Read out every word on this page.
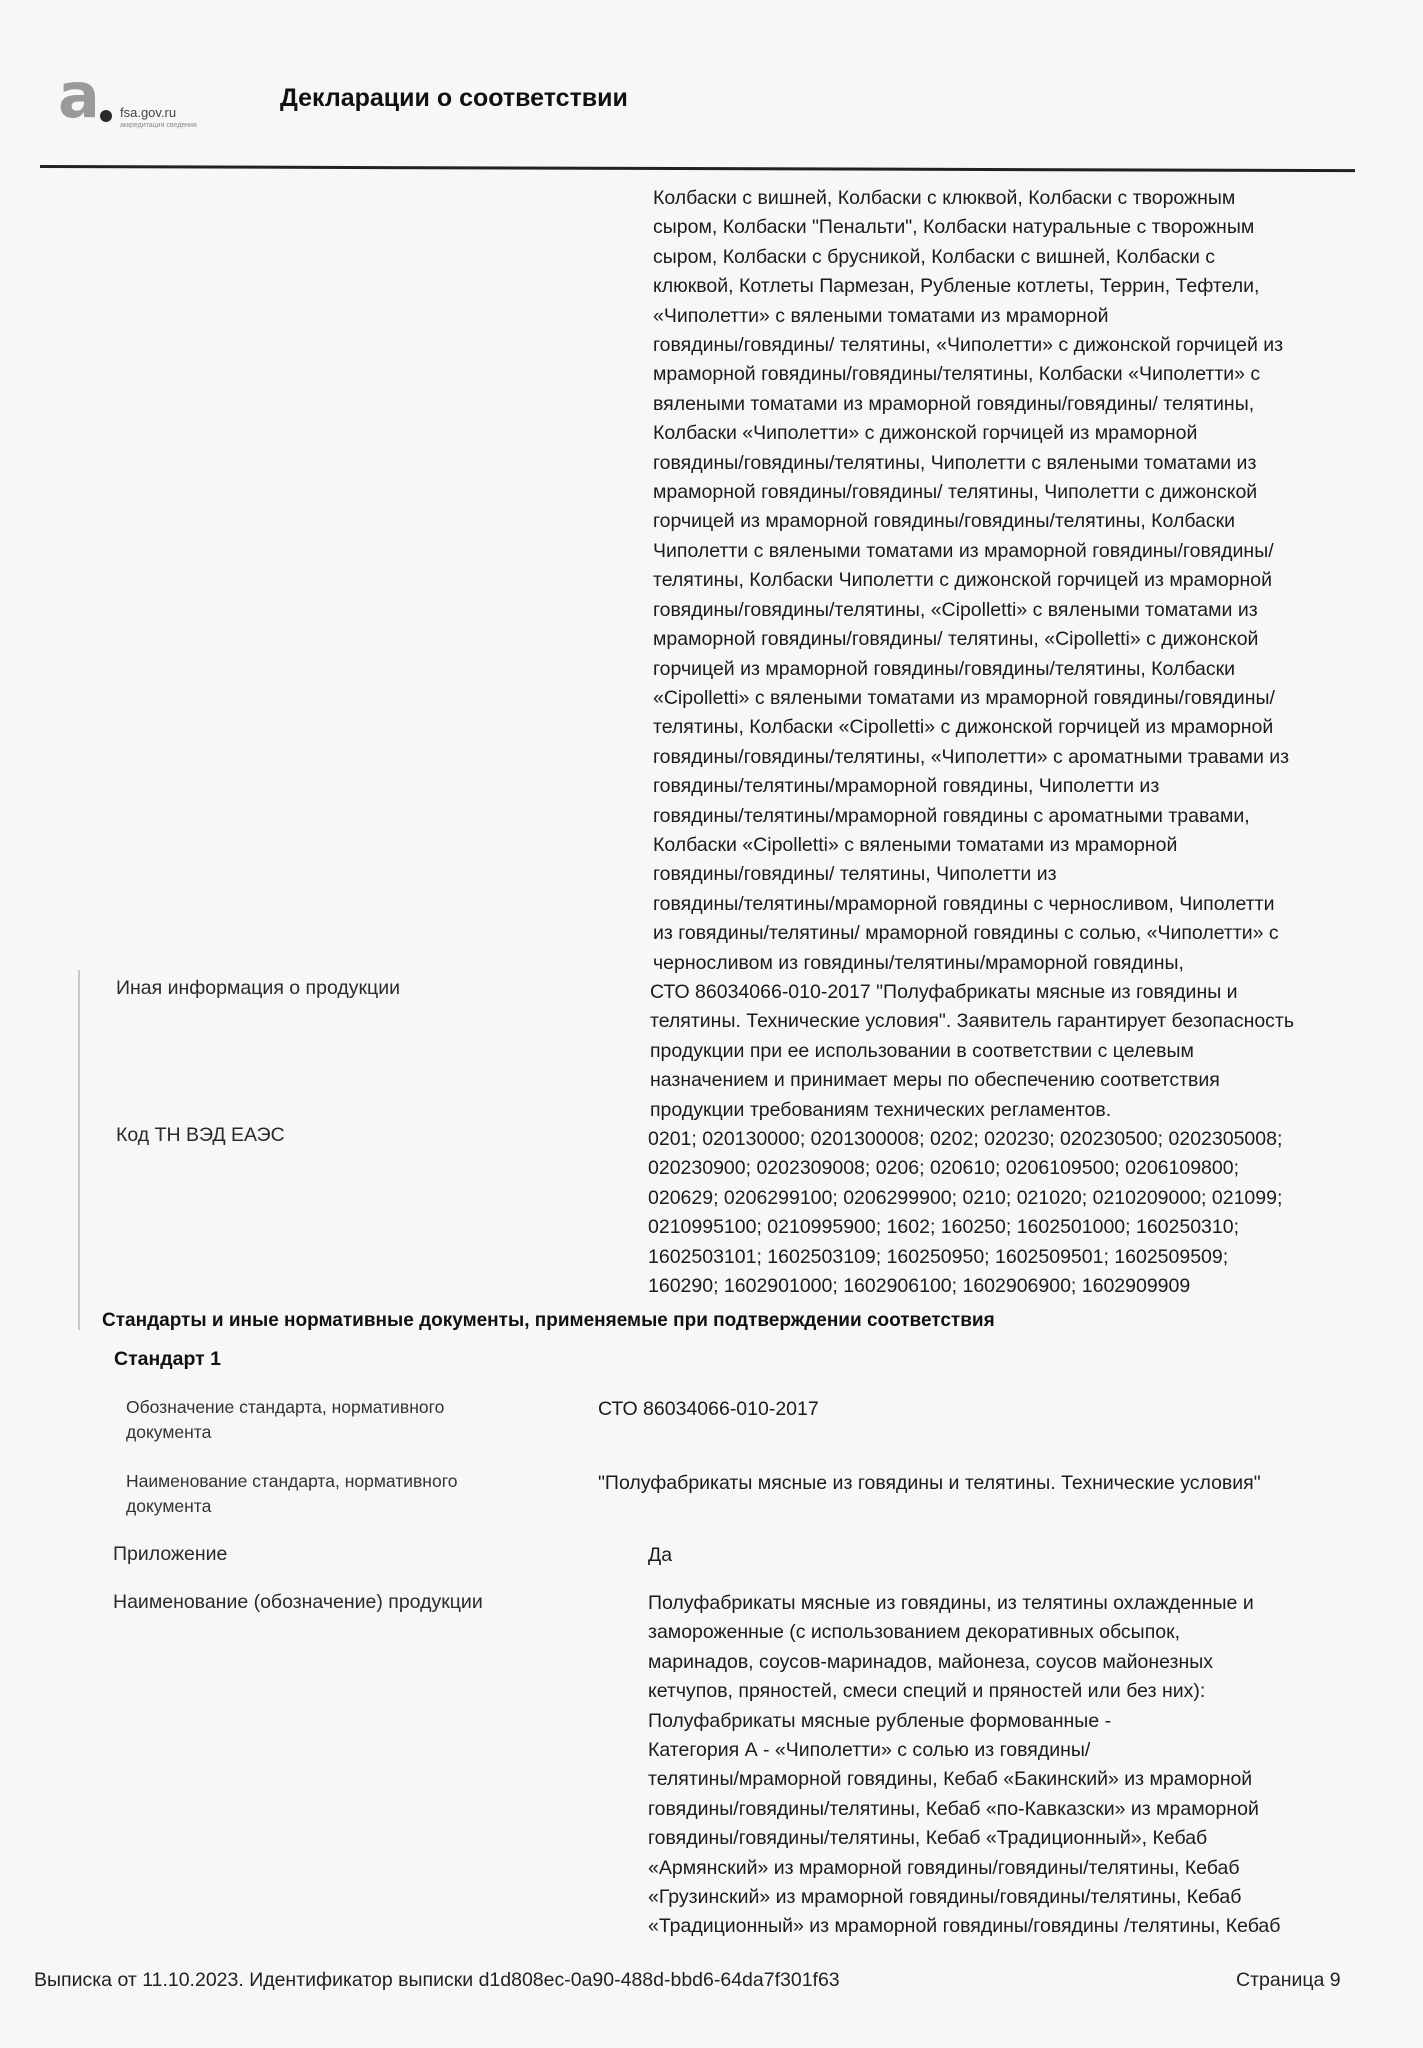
a	fsa.gov.ru
аккредитация сведения
Декларации о соответствии
Колбаски с вишней, Колбаски с клюквой, Колбаски с творожным
сыром, Колбаски "Пенальти", Колбаски натуральные с творожным
сыром, Колбаски с брусникой, Колбаски с вишней, Колбаски с
клюквой, Котлеты Пармезан, Рубленые котлеты, Террин, Тефтели,
«Чиполетти» с вялеными томатами из мраморной
говядины/говядины/ телятины, «Чиполетти» с дижонской горчицей из
мраморной говядины/говядины/телятины, Колбаски «Чиполетти» с
вялеными томатами из мраморной говядины/говядины/ телятины,
Колбаски «Чиполетти» с дижонской горчицей из мраморной
говядины/говядины/телятины, Чиполетти с вялеными томатами из
мраморной говядины/говядины/ телятины, Чиполетти с дижонской
горчицей из мраморной говядины/говядины/телятины, Колбаски
Чиполетти с вялеными томатами из мраморной говядины/говядины/
телятины, Колбаски Чиполетти с дижонской горчицей из мраморной
говядины/говядины/телятины, «Cipolletti» с вялеными томатами из
мраморной говядины/говядины/ телятины, «Cipolletti» с дижонской
горчицей из мраморной говядины/говядины/телятины, Колбаски
«Cipolletti» с вялеными томатами из мраморной говядины/говядины/
телятины, Колбаски «Cipolletti» с дижонской горчицей из мраморной
говядины/говядины/телятины, «Чиполетти» с ароматными травами из
говядины/телятины/мраморной говядины, Чиполетти из
говядины/телятины/мраморной говядины с ароматными травами,
Колбаски «Cipolletti» с вялеными томатами из мраморной
говядины/говядины/ телятины, Чиполетти из
говядины/телятины/мраморной говядины с черносливом, Чиполетти
из говядины/телятины/ мраморной говядины с солью, «Чиполетти» с
черносливом из говядины/телятины/мраморной говядины,
Иная информация о продукции	СТО 86034066-010-2017 "Полуфабрикаты мясные из говядины и
телятины. Технические условия". Заявитель гарантирует безопасность
продукции при ее использовании в соответствии с целевым
назначением и принимает меры по обеспечению соответствия
продукции требованиям технических регламентов.
Код ТН ВЭД ЕАЭС	0201; 020130000; 0201300008; 0202; 020230; 020230500; 0202305008;
020230900; 0202309008; 0206; 020610; 0206109500; 0206109800;
020629; 0206299100; 0206299900; 0210; 021020; 0210209000; 021099;
0210995100; 0210995900; 1602; 160250; 1602501000; 160250310;
1602503101; 1602503109; 160250950; 1602509501; 1602509509;
160290; 1602901000; 1602906100; 1602906900; 1602909909
Стандарты и иные нормативные документы, применяемые при подтверждении соответствия
Стандарт 1
Обозначение стандарта, нормативного
документа
СТО 86034066-010-2017
Наименование стандарта, нормативного
документа
"Полуфабрикаты мясные из говядины и телятины. Технические условия"
Приложение	Да
Наименование (обозначение) продукции	Полуфабрикаты мясные из говядины, из телятины охлажденные и
замороженные (с использованием декоративных обсыпок,
маринадов, соусов-маринадов, майонеза, соусов майонезных
кетчупов, пряностей, смеси специй и пряностей или без них):
Полуфабрикаты мясные рубленые формованные -
Категория А - «Чиполетти» с солью из говядины/
телятины/мраморной говядины, Кебаб «Бакинский» из мраморной
говядины/говядины/телятины, Кебаб «по-Кавказски» из мраморной
говядины/говядины/телятины, Кебаб «Традиционный», Кебаб
«Армянский» из мраморной говядины/говядины/телятины, Кебаб
«Грузинский» из мраморной говядины/говядины/телятины, Кебаб
«Традиционный» из мраморной говядины/говядины /телятины, Кебаб
Выписка от 11.10.2023. Идентификатор выписки d1d808ec-0a90-488d-bbd6-64da7f301f63	Страница 9
